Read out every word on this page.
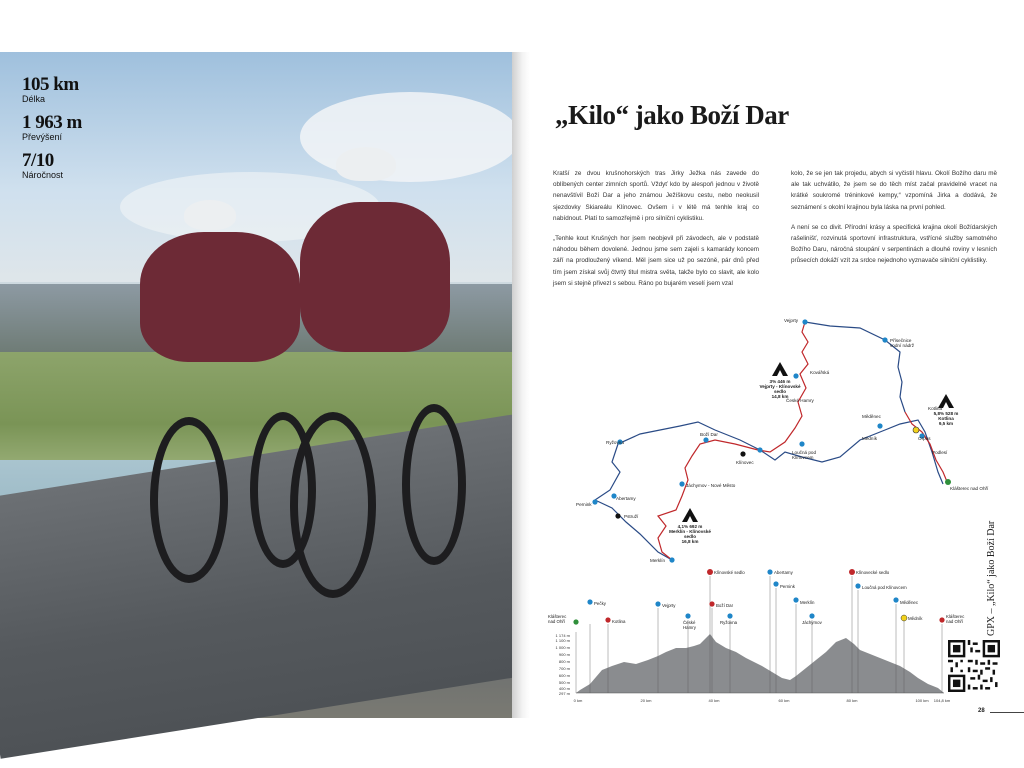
105 km
Délka
1 963 m
Převýšení
7/10
Náročnost
„Kilo“ jako Boží Dar

Kratší ze dvou krušnohorských tras Jirky Ježka nás zavede do oblíbených center zimních sportů. Vždyť kdo by alespoň jednou v životě nenavštívil Boží Dar a jeho známou Ježíškovu cestu, nebo neokusil sjezdovky Skiareálu Klínovec. Ovšem i v létě má tenhle kraj co nabídnout. Platí to samozřejmě i pro silniční cyklistiku.

„Tenhle kout Krušných hor jsem neobjevil při závodech, ale v podstatě náhodou během dovolené. Jednou jsme sem zajeli s kamarády koncem září na prodloužený víkend. Měl jsem sice už po sezóně, pár dnů před tím jsem získal svůj čtvrtý titul mistra světa, takže bylo co slavit, ale kolo jsem si stejně přivezl s sebou. Ráno po bujarém veselí jsem vzal

kolo, že se jen tak projedu, abych si vyčistil hlavu. Okolí Božího daru mě ale tak uchvátilo, že jsem se do těch míst začal pravidelně vracet na krátké soukromé tréninkové kempy,“ vzpomíná Jirka a dodává, že seznámení s okolní krajinou byla láska na první pohled.

A není se co divit. Přírodní krásy a specifická krajina okolí Božídarských rašelinišť, rozvinutá sportovní infrastruktura, vstřícné služby samotného Božího Daru, náročná stoupání v serpentinách a dlouhé roviny v lesních průsecích dokáží vzít za srdce nejednoho vyznavače silniční cyklistiky.

3% 446 m
Vejprty - Klínovské
sedlo
14,8 km
5,8% 528 m
Kotlina
9,5 km
4,1% 692 m
Merklín - Klínovské
sedlo
16,8 km
Vejprty
Přísečnice
vodní nádrž
Kovářská
Měděnec
Kotlina
Mědník	Orpus
Podlesí
Klášterec nad Ohří
České Hamry
Loučná pod
Klínovcem
Boží Dar
Klínovec
Ryžovna
Abertamy
Jáchymov - Nové Město
Pernink
Pstruží
Merklín
Klášterec
nad Ohří
Pečky
Kotlina
Vejprty
České
Hamry
Klínovské sedlo
Boží Dar
Ryžovna
Abertamy
Pernink
Merklín
Jáchymov
Klínovecké sedlo
Loučná pod Klínovcem
Měděnec
Mědník	Klášterec
nad Ohří
1 174 m
1 100 m
1 000 m
900 m
800 m
700 m
600 m
500 m
400 m
297 m
0 km	20 km	40 km	60 km	80 km	100 km 104,8 km
GPX – „Kilo“ jako Boží Dar
28
